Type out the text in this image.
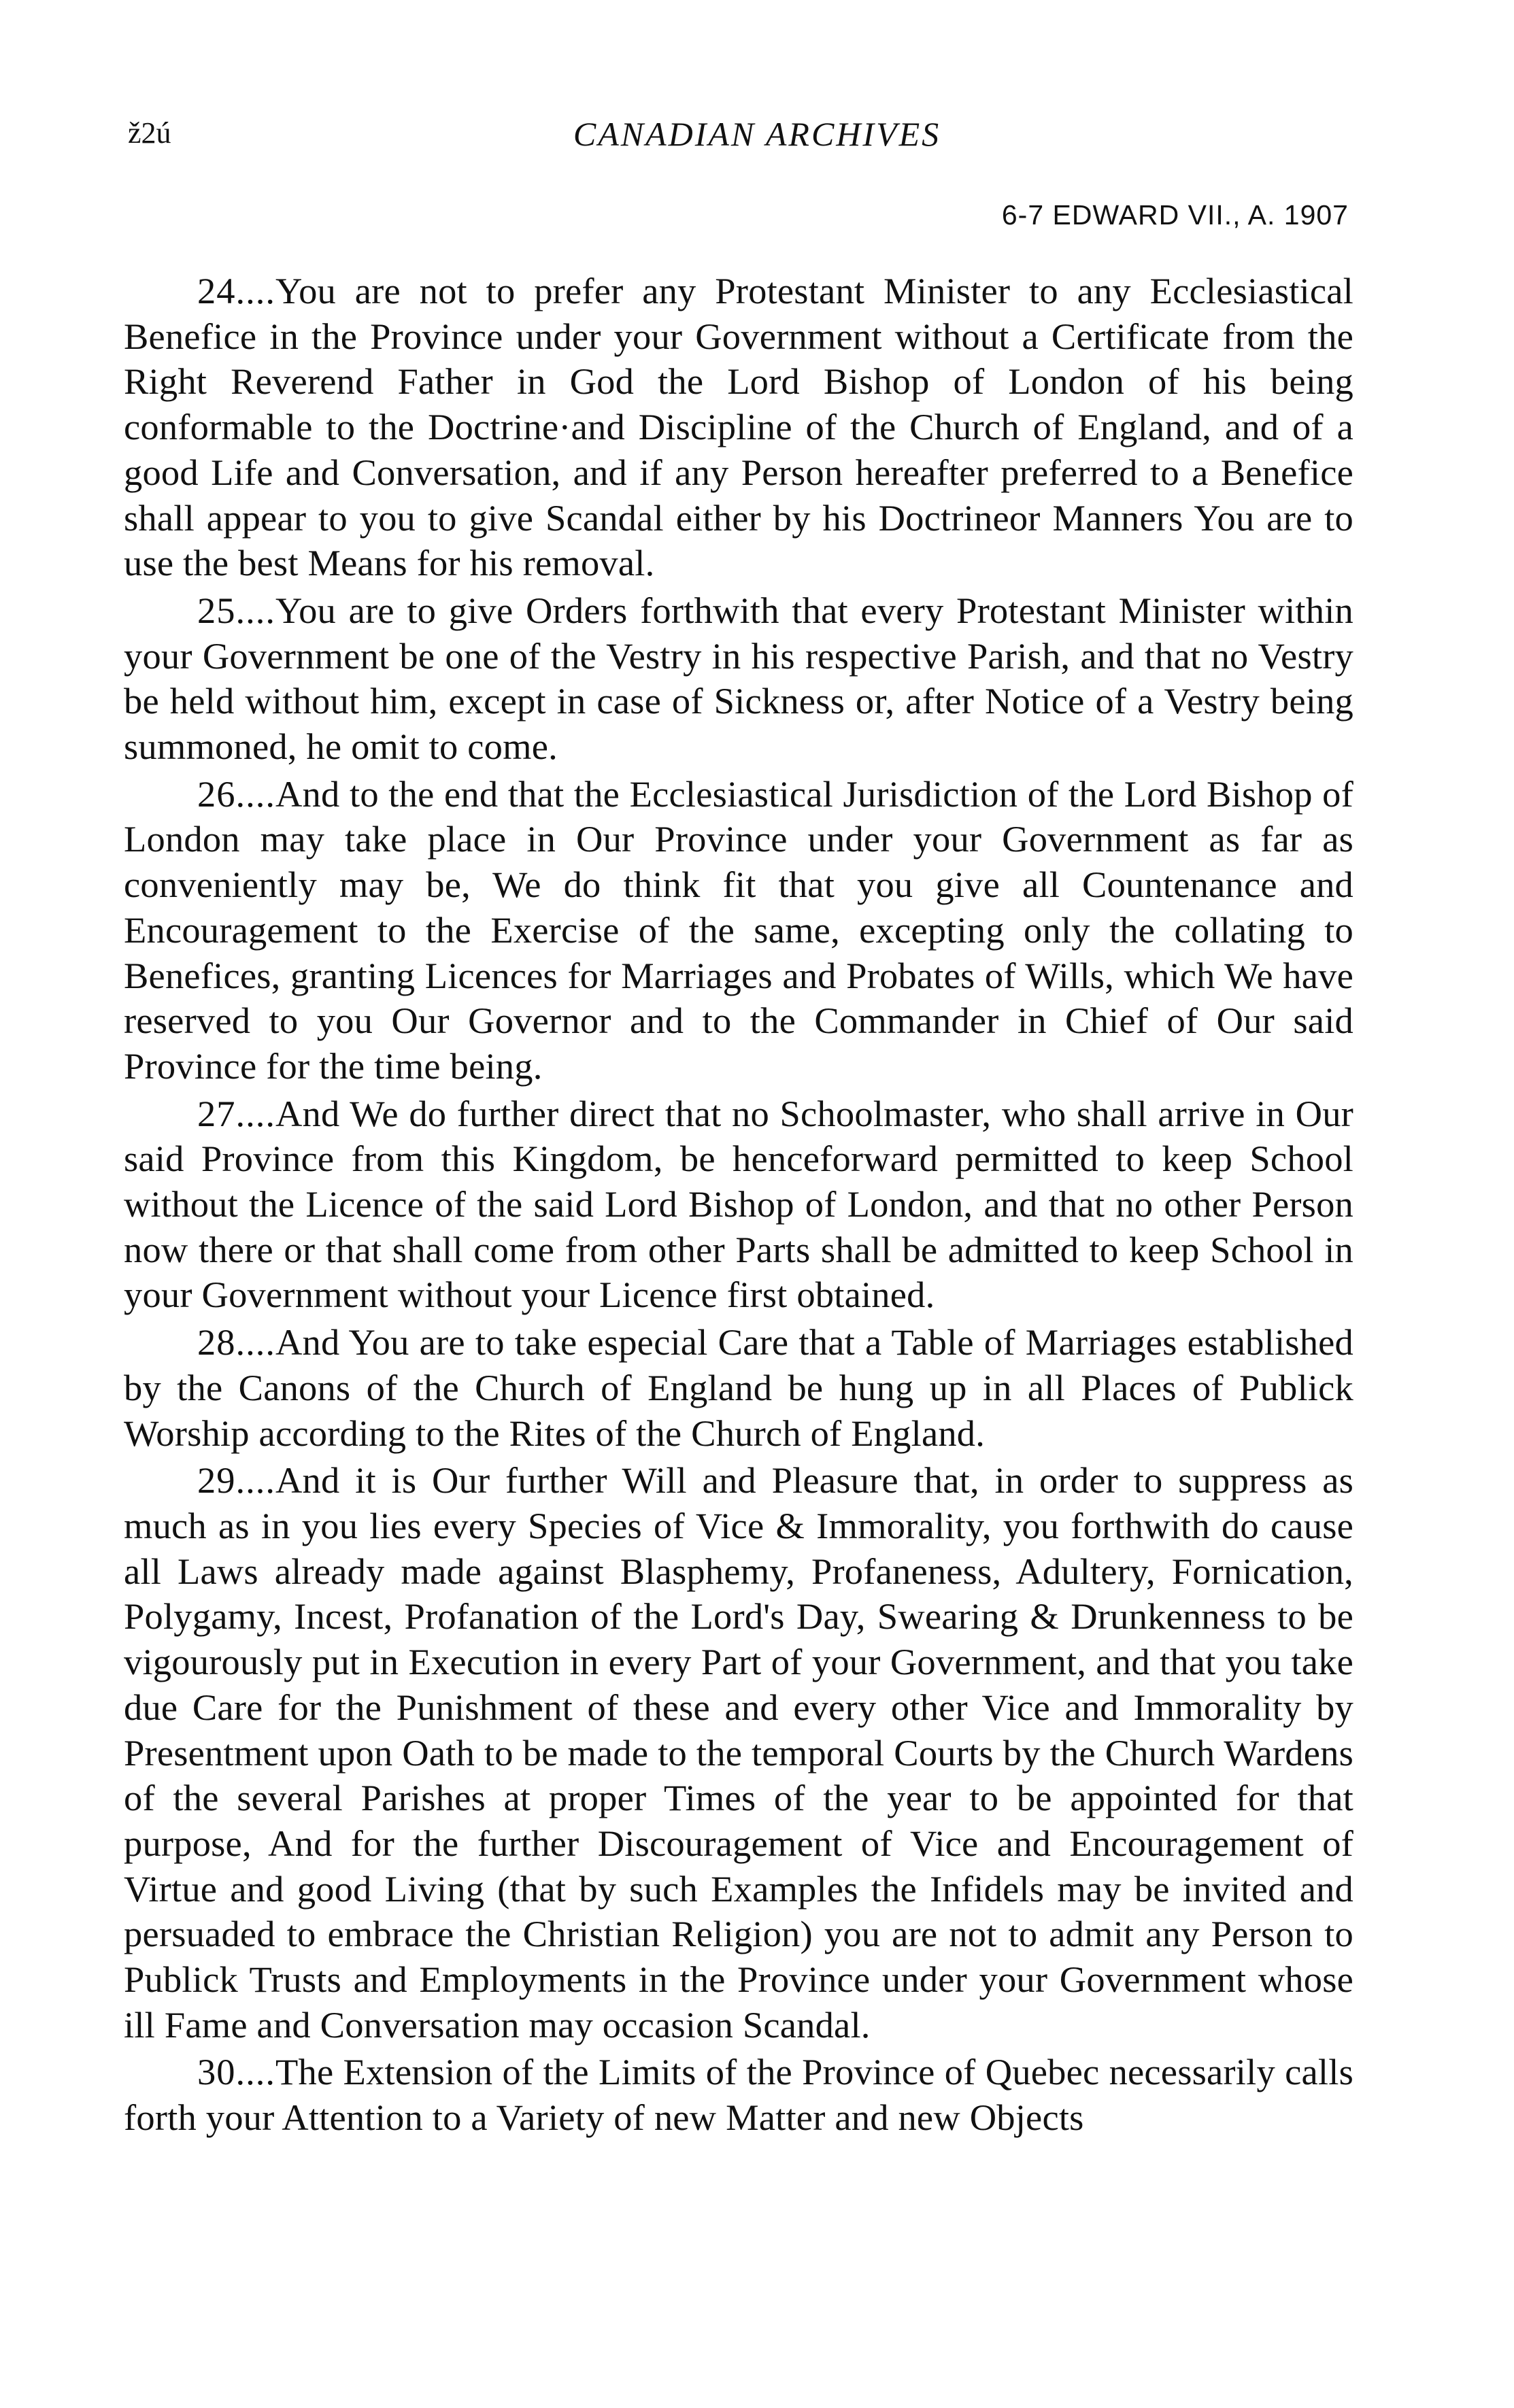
ž2ú	CANADIAN ARCHIVES
6-7 EDWARD VII., A. 1907

24....You are not to prefer any Protestant Minister to any Ecclesiastical Benefice in the Province under your Government without a Certificate from the Right Reverend Father in God the Lord Bishop of London of his being conformable to the Doctrine·and Discipline of the Church of England, and of a good Life and Conversation, and if any Person hereafter preferred to a Benefice shall appear to you to give Scandal either by his Doctrineor Manners You are to use the best Means for his removal.

25....You are to give Orders forthwith that every Protestant Minister within your Government be one of the Vestry in his respective Parish, and that no Vestry be held without him, except in case of Sickness or, after Notice of a Vestry being summoned, he omit to come.

26....And to the end that the Ecclesiastical Jurisdiction of the Lord Bishop of London may take place in Our Province under your Government as far as conveniently may be, We do think fit that you give all Countenance and Encouragement to the Exercise of the same, excepting only the collating to Benefices, granting Licences for Marriages and Probates of Wills, which We have reserved to you Our Governor and to the Commander in Chief of Our said Province for the time being.

27....And We do further direct that no Schoolmaster, who shall arrive in Our said Province from this Kingdom, be henceforward permitted to keep School without the Licence of the said Lord Bishop of London, and that no other Person now there or that shall come from other Parts shall be admitted to keep School in your Government without your Licence first obtained.

28....And You are to take especial Care that a Table of Marriages established by the Canons of the Church of England be hung up in all Places of Publick Worship according to the Rites of the Church of England.

29....And it is Our further Will and Pleasure that, in order to suppress as much as in you lies every Species of Vice & Immorality, you forthwith do cause all Laws already made against Blasphemy, Profaneness, Adultery, Fornication, Polygamy, Incest, Profanation of the Lord's Day, Swearing & Drunkenness to be vigourously put in Execution in every Part of your Government, and that you take due Care for the Punishment of these and every other Vice and Immorality by Presentment upon Oath to be made to the temporal Courts by the Church Wardens of the several Parishes at proper Times of the year to be appointed for that purpose, And for the further Discouragement of Vice and Encouragement of Virtue and good Living (that by such Examples the Infidels may be invited and persuaded to embrace the Christian Religion) you are not to admit any Person to Publick Trusts and Employments in the Province under your Government whose ill Fame and Conversation may occasion Scandal.

30....The Extension of the Limits of the Province of Quebec necessarily calls forth your Attention to a Variety of new Matter and new Objects
